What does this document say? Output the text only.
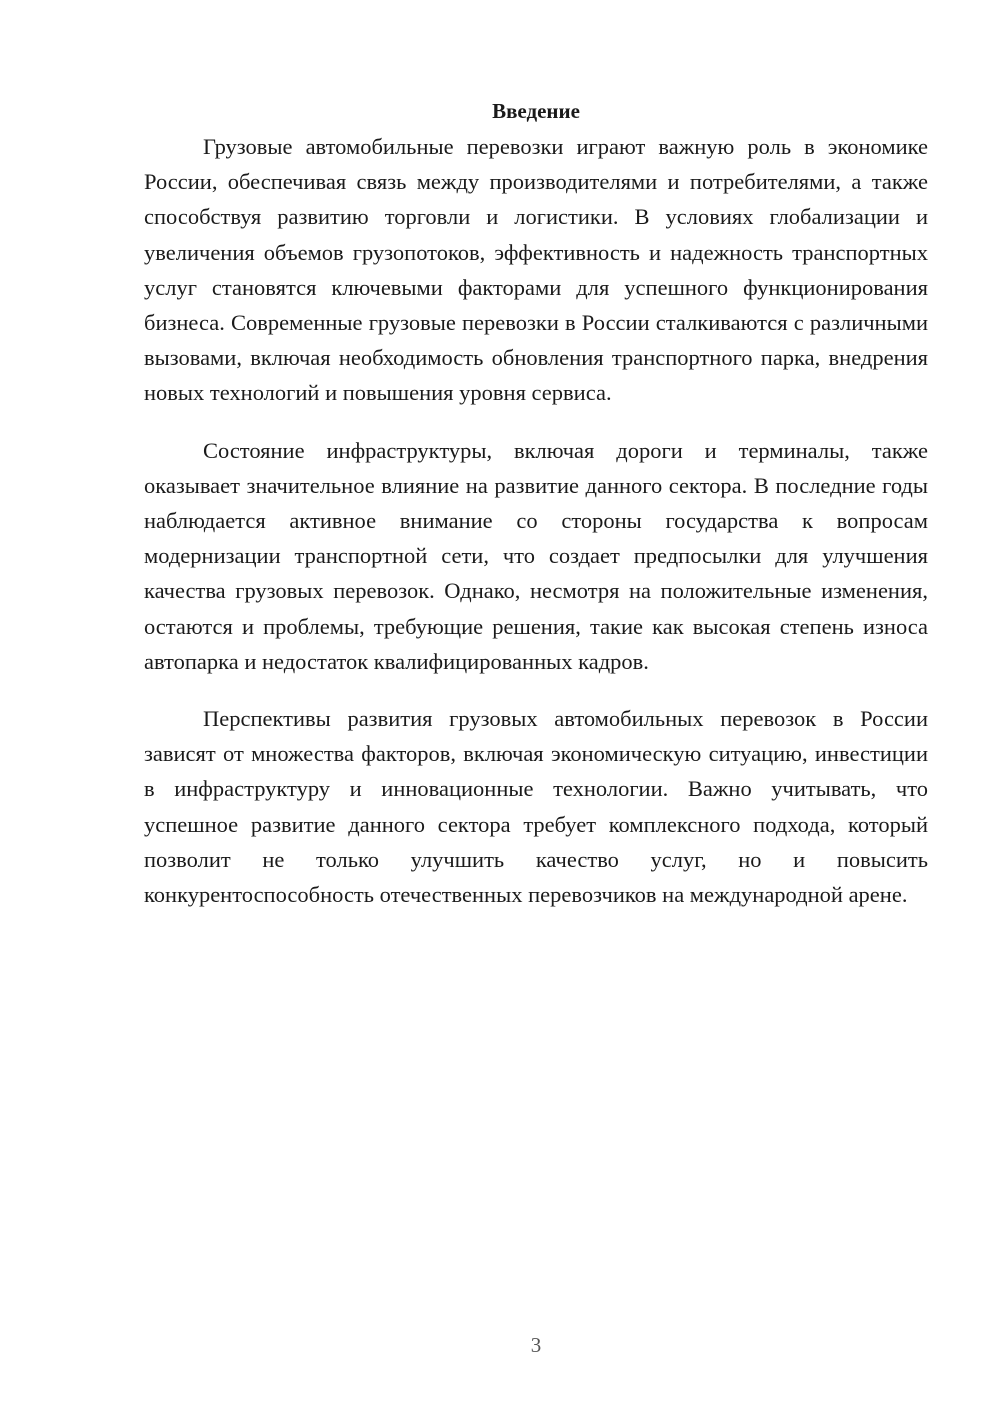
Введение

Грузовые автомобильные перевозки играют важную роль в экономике России, обеспечивая связь между производителями и потребителями, а также способствуя развитию торговли и логистики. В условиях глобализации и увеличения объемов грузопотоков, эффективность и надежность транспортных услуг становятся ключевыми факторами для успешного функционирования бизнеса. Современные грузовые перевозки в России сталкиваются с различными вызовами, включая необходимость обновления транспортного парка, внедрения новых технологий и повышения уровня сервиса.

Состояние инфраструктуры, включая дороги и терминалы, также оказывает значительное влияние на развитие данного сектора. В последние годы наблюдается активное внимание со стороны государства к вопросам модернизации транспортной сети, что создает предпосылки для улучшения качества грузовых перевозок. Однако, несмотря на положительные изменения, остаются и проблемы, требующие решения, такие как высокая степень износа автопарка и недостаток квалифицированных кадров.

Перспективы развития грузовых автомобильных перевозок в России зависят от множества факторов, включая экономическую ситуацию, инвестиции в инфраструктуру и инновационные технологии. Важно учитывать, что успешное развитие данного сектора требует комплексного подхода, который позволит не только улучшить качество услуг, но и повысить конкурентоспособность отечественных перевозчиков на международной арене.

3
